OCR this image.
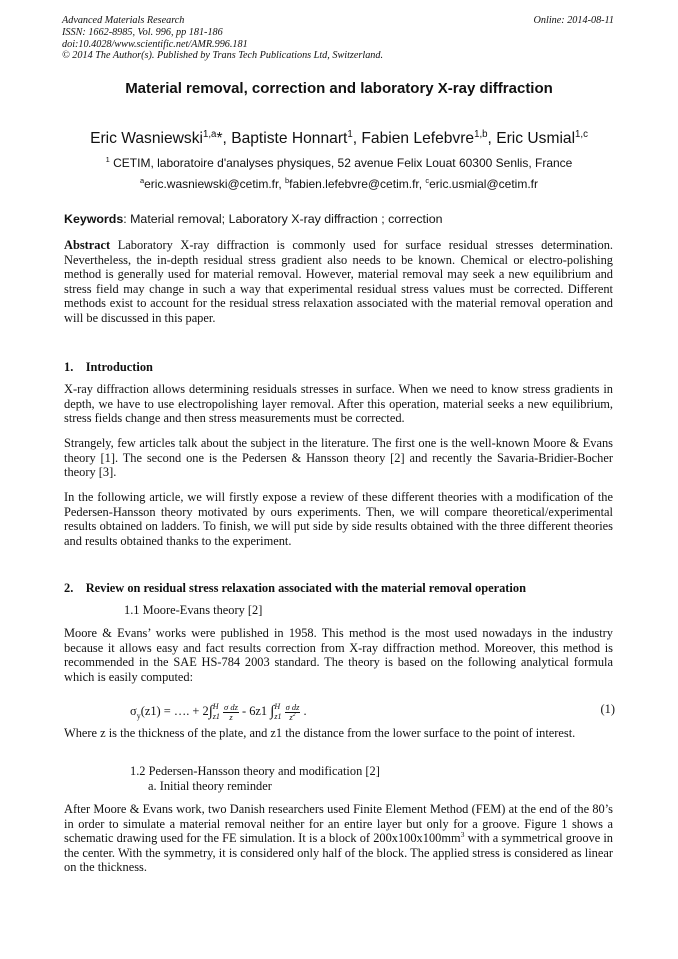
Advanced Materials Research
ISSN: 1662-8985, Vol. 996, pp 181-186
doi:10.4028/www.scientific.net/AMR.996.181
© 2014 The Author(s). Published by Trans Tech Publications Ltd, Switzerland.
Online: 2014-08-11
Material removal, correction and laboratory X-ray diffraction
Eric Wasniewski$^{1,a}$*, Baptiste Honnart$^1$, Fabien Lefebvre$^{1,b}$, Eric Usmial$^{1,c}$
$^1$ CETIM, laboratoire d'analyses physiques, 52 avenue Felix Louat 60300 Senlis, France
$^a$eric.wasniewski@cetim.fr, $^b$fabien.lefebvre@cetim.fr, $^c$eric.usmial@cetim.fr
Keywords: Material removal; Laboratory X-ray diffraction ; correction
Abstract Laboratory X-ray diffraction is commonly used for surface residual stresses determination. Nevertheless, the in-depth residual stress gradient also needs to be known. Chemical or electro-polishing method is generally used for material removal. However, material removal may seek a new equilibrium and stress field may change in such a way that experimental residual stress values must be corrected. Different methods exist to account for the residual stress relaxation associated with the material removal operation and will be discussed in this paper.
1. Introduction
X-ray diffraction allows determining residuals stresses in surface. When we need to know stress gradients in depth, we have to use electropolishing layer removal. After this operation, material seeks a new equilibrium, stress fields change and then stress measurements must be corrected.
Strangely, few articles talk about the subject in the literature. The first one is the well-known Moore & Evans theory [1]. The second one is the Pedersen & Hansson theory [2] and recently the Savaria-Bridier-Bocher theory [3].
In the following article, we will firstly expose a review of these different theories with a modification of the Pedersen-Hansson theory motivated by ours experiments. Then, we will compare theoretical/experimental results obtained on ladders. To finish, we will put side by side results obtained with the three different theories and results obtained thanks to the experiment.
2. Review on residual stress relaxation associated with the material removal operation
1.1 Moore-Evans theory [2]
Moore & Evans’ works were published in 1958. This method is the most used nowadays in the industry because it allows easy and fact results correction from X-ray diffraction method. Moreover, this method is recommended in the SAE HS-784 2003 standard. The theory is based on the following analytical formula which is easily computed:
$\sigma_y(z1)$ = …. + 2∫H
$z1 \frac{\text{σ dz}}{z} - 6z1$ ∫H
$z1 \frac{\text{σ dz}}{z^2}$ .	(1)
Where z is the thickness of the plate, and z1 the distance from the lower surface to the point of interest.
1.2 Pedersen-Hansson theory and modification [2]
a. Initial theory reminder
After Moore & Evans work, two Danish researchers used Finite Element Method (FEM) at the end of the 80’s in order to simulate a material removal neither for an entire layer but only for a groove. Figure 1 shows a schematic drawing used for the FE simulation. It is a block of $200x100x100mm^3$ with a symmetrical groove in the center. With the symmetry, it is considered only half of the block. The applied stress is considered as linear on the thickness.
